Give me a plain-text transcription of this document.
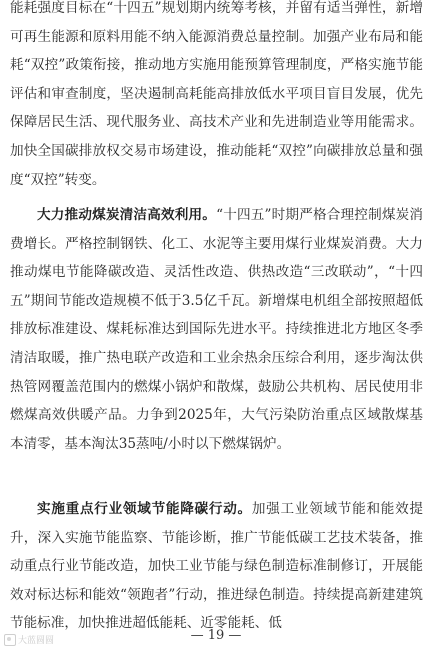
能耗强度目标在“十四五”规划期内统筹考核，并留有适当弹性，新增可再生能源和原料用能不纳入能源消费总量控制。加强产业布局和能耗“双控”政策衔接，推动地方实施用能预算管理制度，严格实施节能评估和审查制度，坚决遏制高耗能高排放低水平项目盲目发展，优先保障居民生活、现代服务业、高技术产业和先进制造业等用能需求。加快全国碳排放权交易市场建设，推动能耗“双控”向碳排放总量和强度“双控”转变。

大力推动煤炭清洁高效利用。“十四五”时期严格合理控制煤炭消费增长。严格控制钢铁、化工、水泥等主要用煤行业煤炭消费。大力推动煤电节能降碳改造、灵活性改造、供热改造“三改联动”，“十四五”期间节能改造规模不低于3.5亿千瓦。新增煤电机组全部按照超低排放标准建设、煤耗标准达到国际先进水平。持续推进北方地区冬季清洁取暖，推广热电联产改造和工业余热余压综合利用，逐步淘汰供热管网覆盖范围内的燃煤小锅炉和散煤，鼓励公共机构、居民使用非燃煤高效供暖产品。力争到2025年，大气污染防治重点区域散煤基本清零，基本淘汰35蒸吨/小时以下燃煤锅炉。

实施重点行业领域节能降碳行动。加强工业领域节能和能效提升，深入实施节能监察、节能诊断，推广节能低碳工艺技术装备，推动重点行业节能改造，加快工业节能与绿色制造标准制修订，开展能效对标达标和能效“领跑者”行动，推进绿色制造。持续提高新建建筑节能标准，加快推进超低能耗、近零能耗、低

大蓝圆圆	— 19 —
